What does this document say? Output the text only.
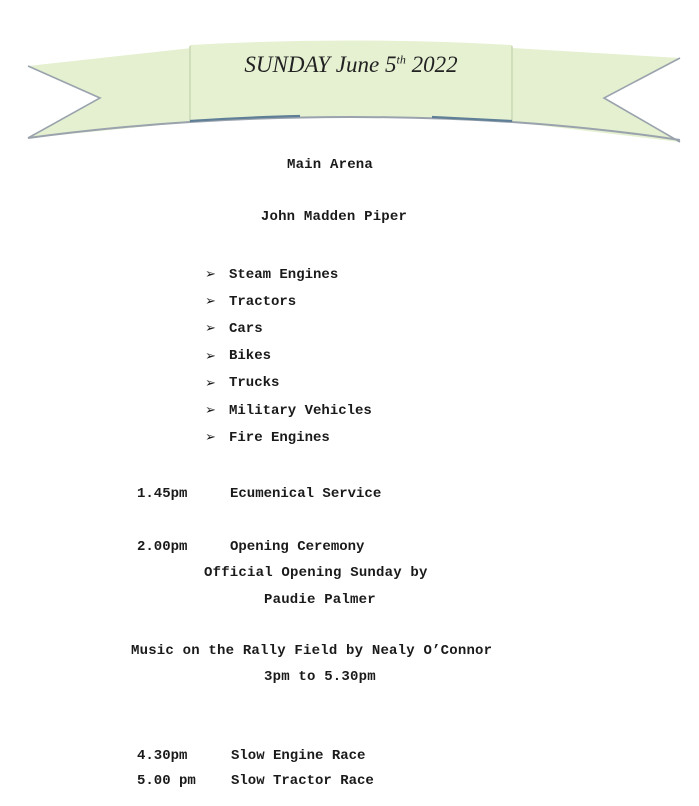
SUNDAY June 5th 2022
Main Arena
John Madden Piper
➢ Steam Engines
➢ Tractors
➢ Cars
➢ Bikes
➢ Trucks
➢ Military Vehicles
➢ Fire Engines
1.45pm	Ecumenical Service
2.00pm	Opening Ceremony
Official Opening Sunday by
Paudie Palmer
Music on the Rally Field by Nealy O’Connor
3pm to 5.30pm
4.30pm	Slow Engine Race
5.00 pm	Slow Tractor Race
